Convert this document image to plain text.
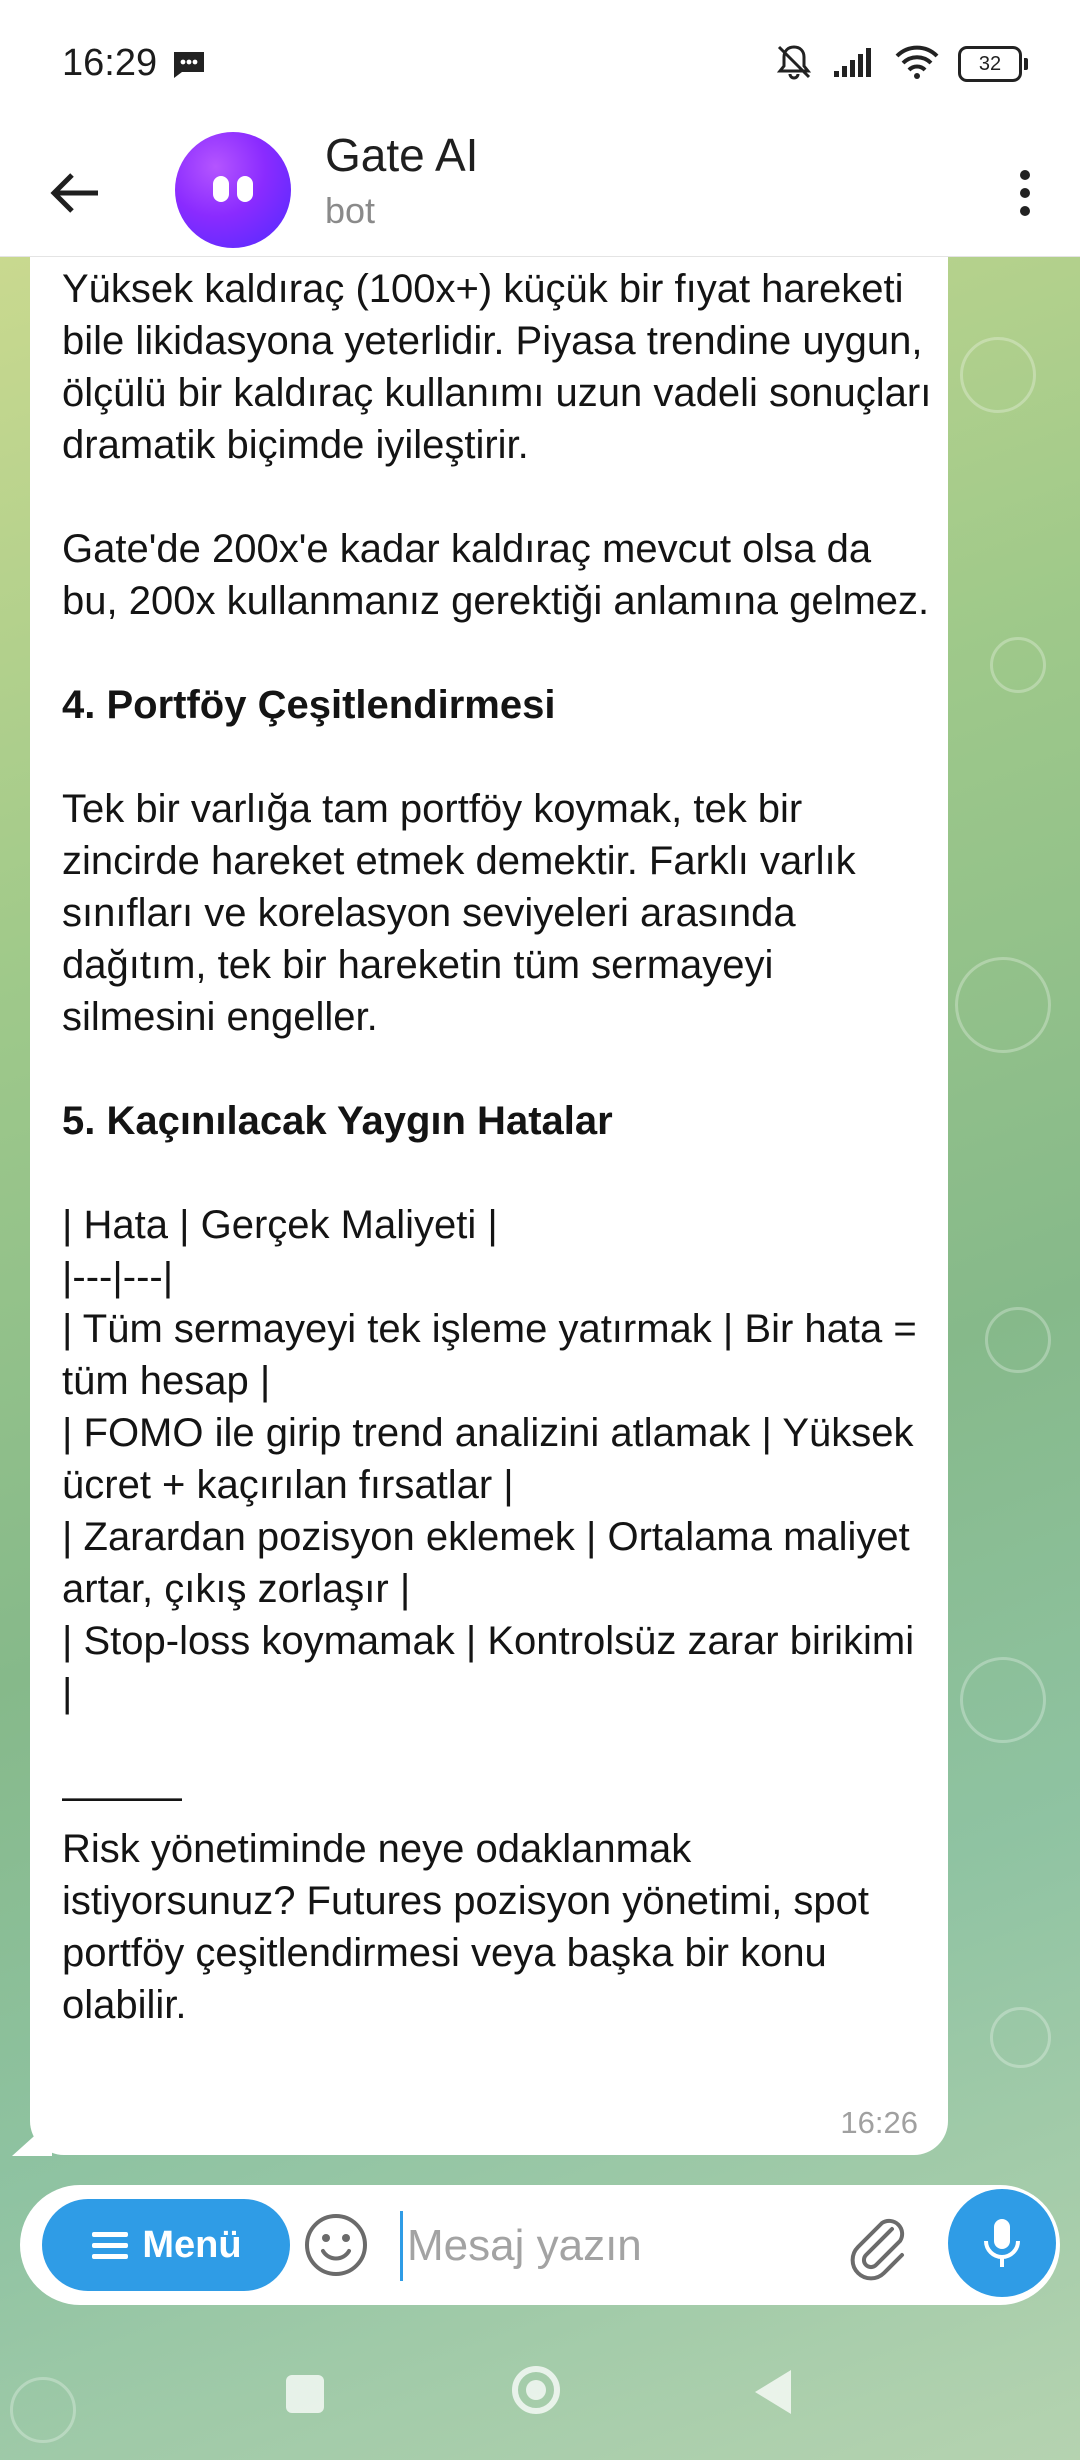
16:29	32
Gate AI
bot

Yüksek kaldıraç (100x+) küçük bir fıyat hareketi bile likidasyona yeterlidir. Piyasa trendine uygun, ölçülü bir kaldıraç kullanımı uzun vadeli sonuçları dramatik biçimde iyileştirir.

Gate'de 200x'e kadar kaldıraç mevcut olsa da bu, 200x kullanmanız gerektiği anlamına gelmez.

4. Portföy Çeşitlendirmesi

Tek bir varlığa tam portföy koymak, tek bir zincirde hareket etmek demektir. Farklı varlık sınıfları ve korelasyon seviyeleri arasında dağıtım, tek bir hareketin tüm sermayeyi silmesini engeller.

5. Kaçınılacak Yaygın Hatalar

| Hata | Gerçek Maliyeti |

|---|---|

| Tüm sermayeyi tek işleme yatırmak | Bir hata = tüm hesap |

| FOMO ile girip trend analizini atlamak | Yüksek ücret + kaçırılan fırsatlar |

| Zarardan pozisyon eklemek | Ortalama maliyet artar, çıkış zorlaşır |

| Stop-loss koymamak | Kontrolsüz zarar birikimi |

———

Risk yönetiminde neye odaklanmak istiyorsunuz? Futures pozisyon yönetimi, spot portföy çeşitlendirmesi veya başka bir konu olabilir.

16:26
Menü
Mesaj yazın
